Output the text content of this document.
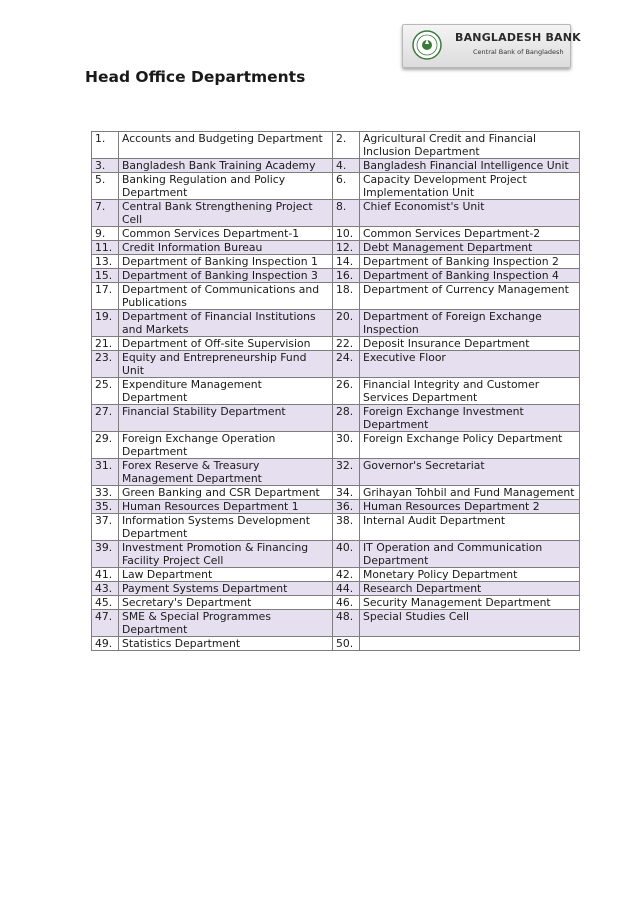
BANGLADESH BANK
Central Bank of Bangladesh
Head Office Departments
1.	Accounts and Budgeting Department	2.	Agricultural Credit and Financial Inclusion Department
3.	Bangladesh Bank Training Academy	4.	Bangladesh Financial Intelligence Unit
5.	Banking Regulation and Policy Department	6.	Capacity Development Project Implementation Unit
7.	Central Bank Strengthening Project Cell	8.	Chief Economist's Unit
9.	Common Services Department-1	10.	Common Services Department-2
11.	Credit Information Bureau	12.	Debt Management Department
13.	Department of Banking Inspection 1	14.	Department of Banking Inspection 2
15.	Department of Banking Inspection 3	16.	Department of Banking Inspection 4
17.	Department of Communications and Publications	18.	Department of Currency Management
19.	Department of Financial Institutions and Markets	20.	Department of Foreign Exchange Inspection
21.	Department of Off-site Supervision	22.	Deposit Insurance Department
23.	Equity and Entrepreneurship Fund Unit	24.	Executive Floor
25.	Expenditure Management Department	26.	Financial Integrity and Customer Services Department
27.	Financial Stability Department	28.	Foreign Exchange Investment Department
29.	Foreign Exchange Operation Department	30.	Foreign Exchange Policy Department
31.	Forex Reserve & Treasury Management Department	32.	Governor's Secretariat
33.	Green Banking and CSR Department	34.	Grihayan Tohbil and Fund Management
35.	Human Resources Department 1	36.	Human Resources Department 2
37.	Information Systems Development Department	38.	Internal Audit Department
39.	Investment Promotion & Financing Facility Project Cell	40.	IT Operation and Communication Department
41.	Law Department	42.	Monetary Policy Department
43.	Payment Systems Department	44.	Research Department
45.	Secretary's Department	46.	Security Management Department
47.	SME & Special Programmes Department	48.	Special Studies Cell
49.	Statistics Department	50.	
